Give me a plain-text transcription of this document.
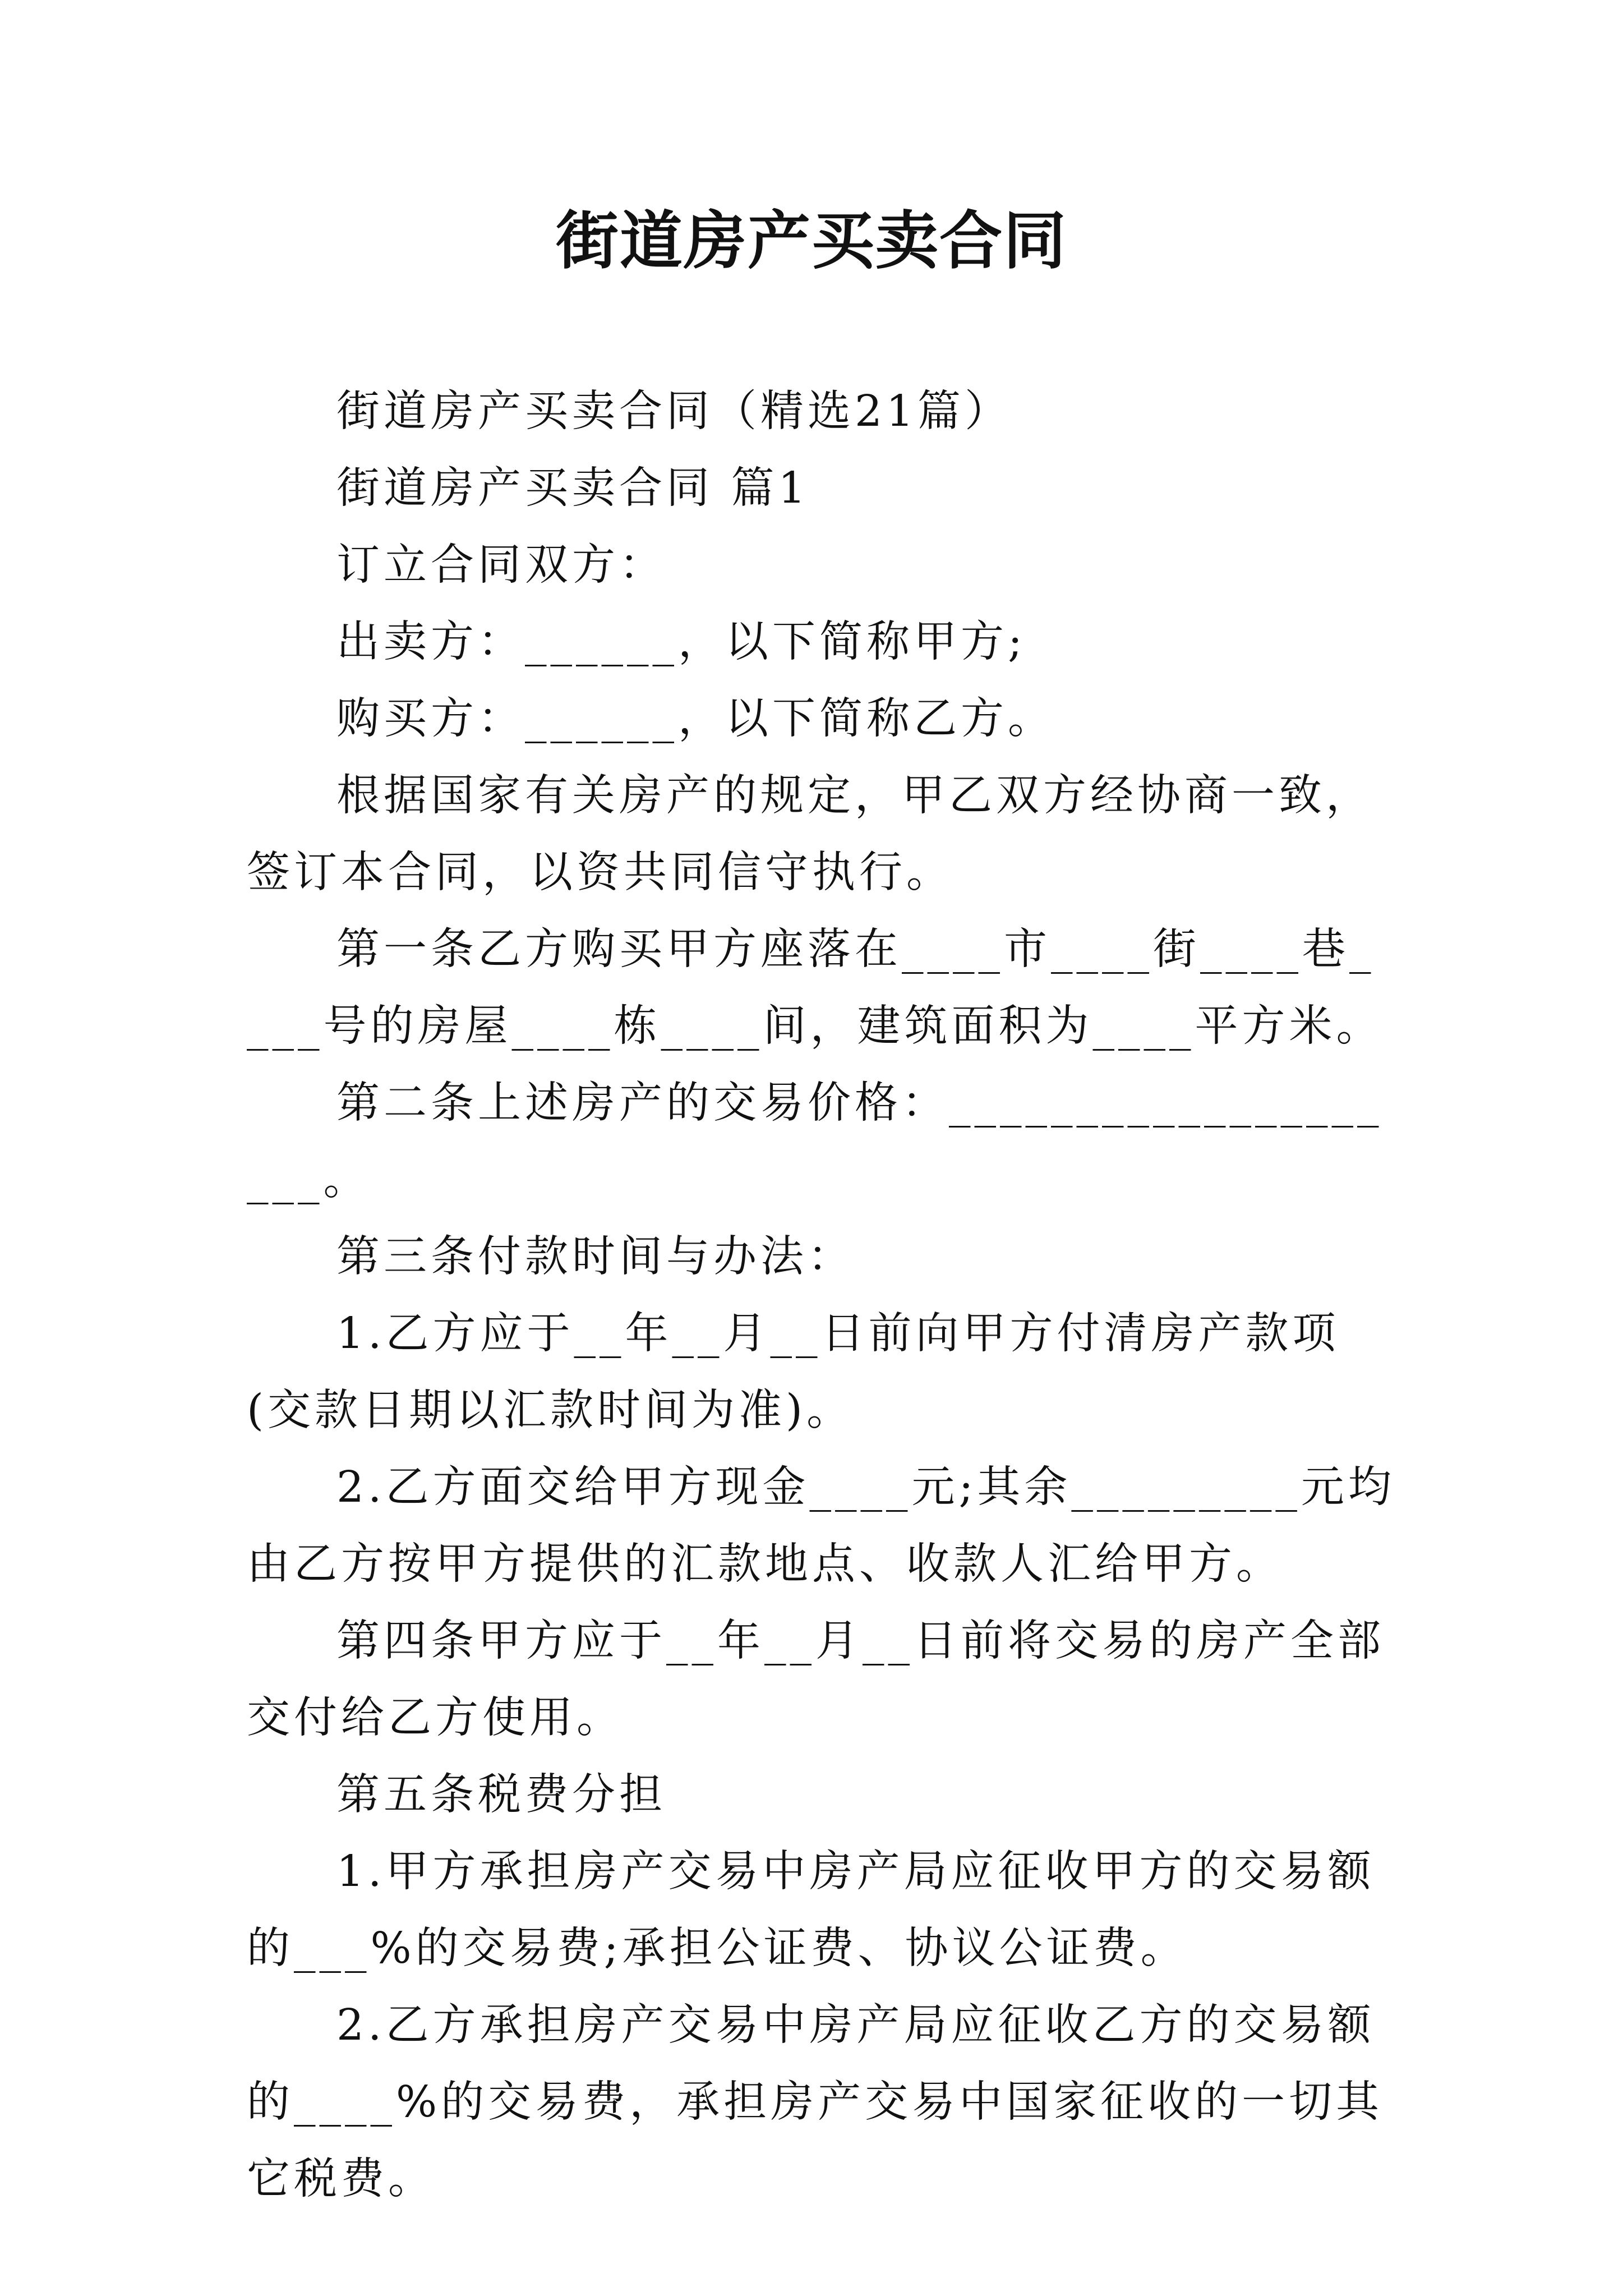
街道房产买卖合同

街道房产买卖合同（精选21篇）

街道房产买卖合同 篇1

订立合同双方：

出卖方：______，以下简称甲方;

购买方：______，以下简称乙方。

根据国家有关房产的规定，甲乙双方经协商一致，签订本合同，以资共同信守执行。

第一条乙方购买甲方座落在____市____街____巷____号的房屋____栋____间，建筑面积为____平方米。

第二条上述房产的交易价格：____________________。

第三条付款时间与办法：

1.乙方应于__年__月__日前向甲方付清房产款项(交款日期以汇款时间为准)。

2.乙方面交给甲方现金____元;其余_________元均由乙方按甲方提供的汇款地点、收款人汇给甲方。

第四条甲方应于__年__月__日前将交易的房产全部交付给乙方使用。

第五条税费分担

1.甲方承担房产交易中房产局应征收甲方的交易额的___%的交易费;承担公证费、协议公证费。

2.乙方承担房产交易中房产局应征收乙方的交易额的____%的交易费，承担房产交易中国家征收的一切其它税费。
